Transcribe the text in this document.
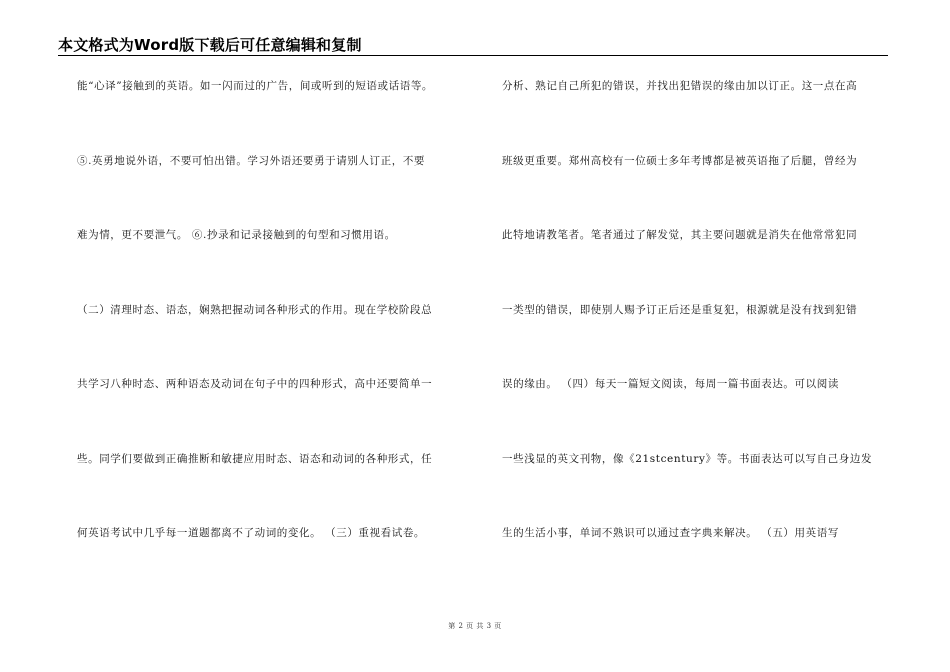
本文格式为Word版下载后可任意编辑和复制
能“心译”接触到的英语。如一闪而过的广告，间或听到的短语或话语等。
⑤.英勇地说外语，不要可怕出错。学习外语还要勇于请别人订正，不要
难为情，更不要泄气。 ⑥.抄录和记录接触到的句型和习惯用语。
（二）清理时态、语态，娴熟把握动词各种形式的作用。现在学校阶段总
共学习八种时态、两种语态及动词在句子中的四种形式，高中还要简单一
些。同学们要做到正确推断和敏捷应用时态、语态和动词的各种形式，任
何英语考试中几乎每一道题都离不了动词的变化。 （三）重视看试卷。
分析、熟记自己所犯的错误，并找出犯错误的缘由加以订正。这一点在高
班级更重要。郑州高校有一位硕士多年考博都是被英语拖了后腿，曾经为
此特地请教笔者。笔者通过了解发觉，其主要问题就是消失在他常常犯同
一类型的错误，即使别人赐予订正后还是重复犯，根源就是没有找到犯错
误的缘由。 （四）每天一篇短文阅读，每周一篇书面表达。可以阅读
一些浅显的英文刊物，像《21stcentury》等。书面表达可以写自己身边发
生的生活小事，单词不熟识可以通过查字典来解决。 （五）用英语写
第 2 页 共 3 页
